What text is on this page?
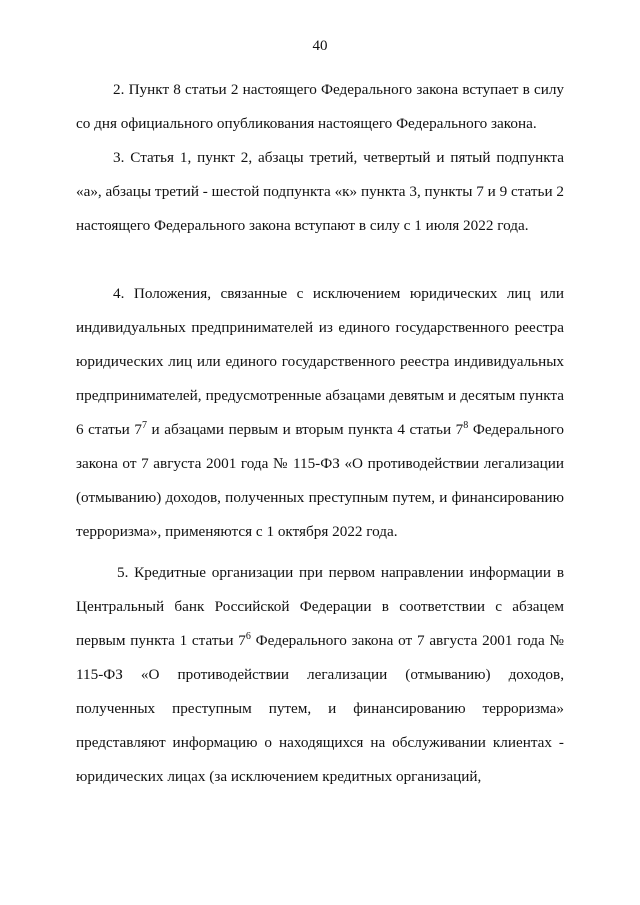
40

2. Пункт 8 статьи 2 настоящего Федерального закона вступает в силу со дня официального опубликования настоящего Федерального закона.

3. Статья 1, пункт 2, абзацы третий, четвертый и пятый подпункта «а», абзацы третий - шестой подпункта «к» пункта 3, пункты 7 и 9 статьи 2 настоящего Федерального закона вступают в силу с 1 июля 2022 года.

4. Положения, связанные с исключением юридических лиц или индивидуальных предпринимателей из единого государственного реестра юридических лиц или единого государственного реестра индивидуальных предпринимателей, предусмотренные абзацами девятым и десятым пункта 6 статьи $7^7$ и абзацами первым и вторым пункта 4 статьи $7^8$ Федерального закона от 7 августа 2001 года № 115-ФЗ «О противодействии легализации (отмыванию) доходов, полученных преступным путем, и финансированию терроризма», применяются с 1 октября 2022 года.

5. Кредитные организации при первом направлении информации в Центральный банк Российской Федерации в соответствии с абзацем первым пункта 1 статьи $7^6$ Федерального закона от 7 августа 2001 года № 115-ФЗ «О противодействии легализации (отмыванию) доходов, полученных преступным путем, и финансированию терроризма» представляют информацию о находящихся на обслуживании клиентах - юридических лицах (за исключением кредитных организаций,
